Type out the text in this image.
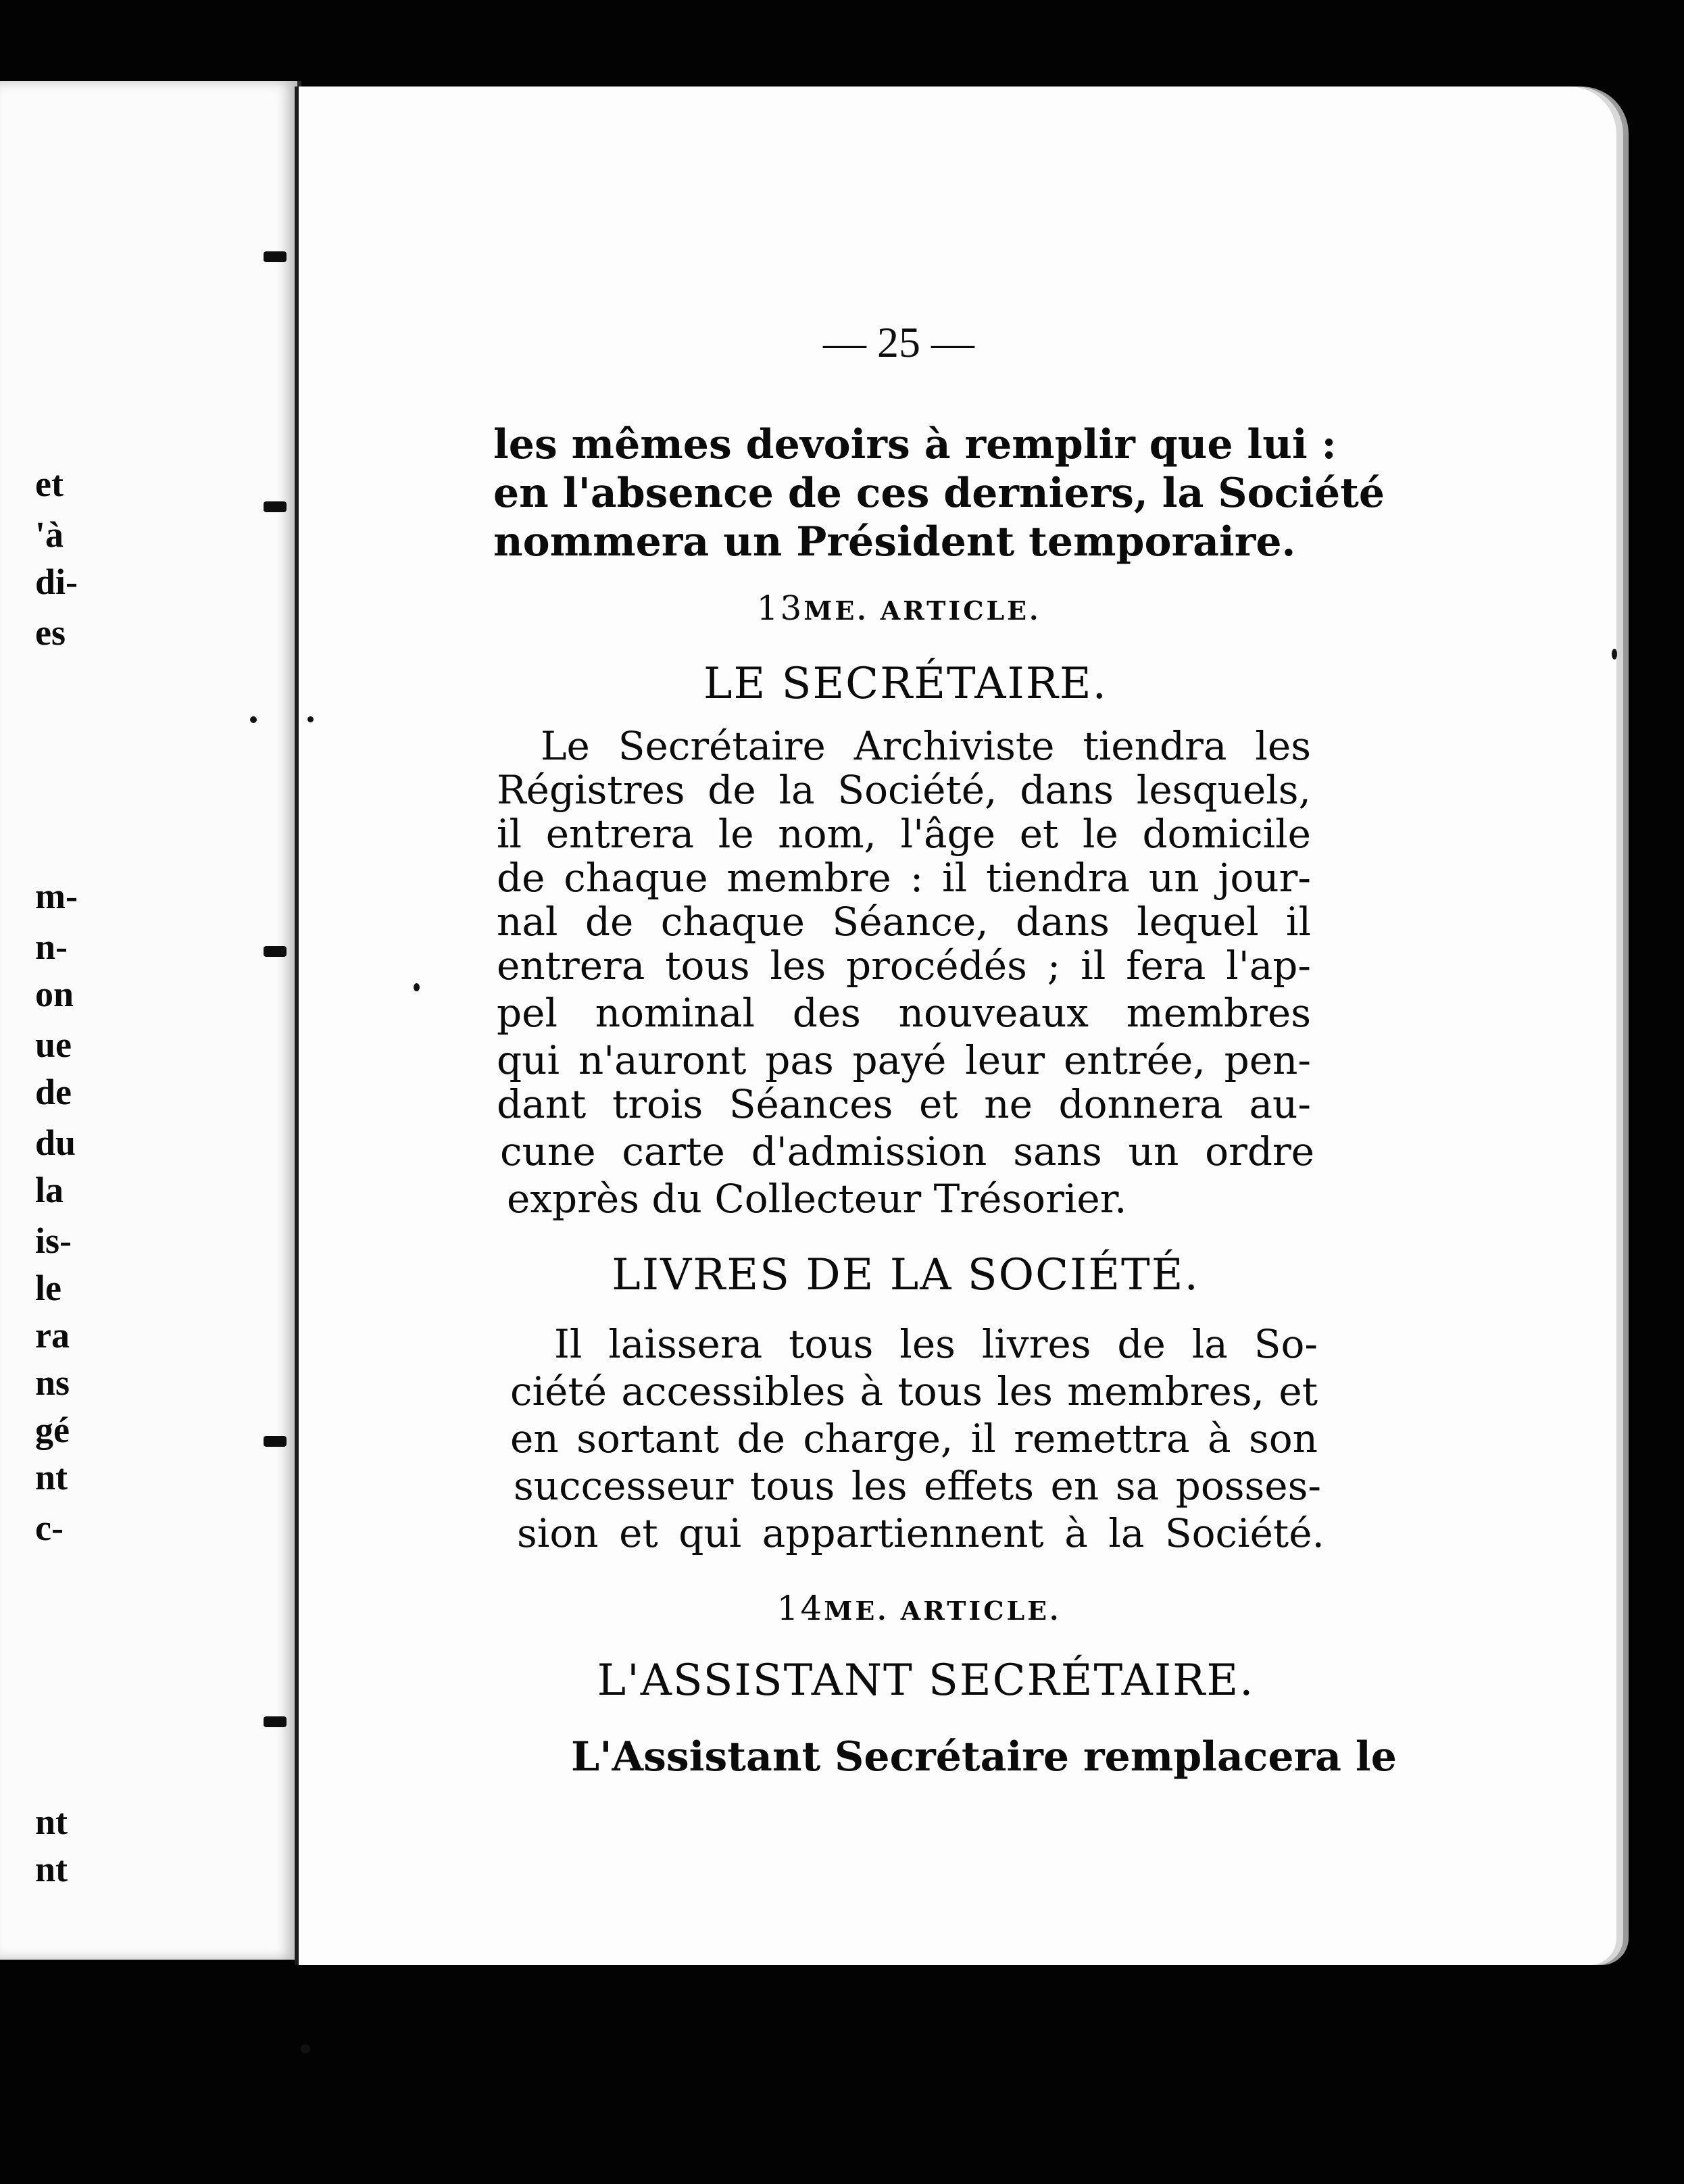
et
'à
di-
es
m-
n-
on
ue
de
du
la
is-
le
ra
ns
gé
nt
c-
nt
nt
— 25 —
les mêmes devoirs à remplir que lui :
en l'absence de ces derniers, la Société
nommera un Président temporaire.
13ME. ARTICLE.
LE SECRÉTAIRE.
Le Secrétaire Archiviste tiendra les
Régistres de la Société, dans lesquels,
il entrera le nom, l'âge et le domicile
de chaque membre : il tiendra un jour-
nal de chaque Séance, dans lequel il
entrera tous les procédés ; il fera l'ap-
pel nominal des nouveaux membres
qui n'auront pas payé leur entrée, pen-
dant trois Séances et ne donnera au-
cune carte d'admission sans un ordre
exprès du Collecteur Trésorier.
LIVRES DE LA SOCIÉTÉ.
Il laissera tous les livres de la So-
ciété accessibles à tous les membres, et
en sortant de charge, il remettra à son
successeur tous les effets en sa posses-
sion et qui appartiennent à la Société.
14ME. ARTICLE.
L'ASSISTANT SECRÉTAIRE.
L'Assistant Secrétaire remplacera le
